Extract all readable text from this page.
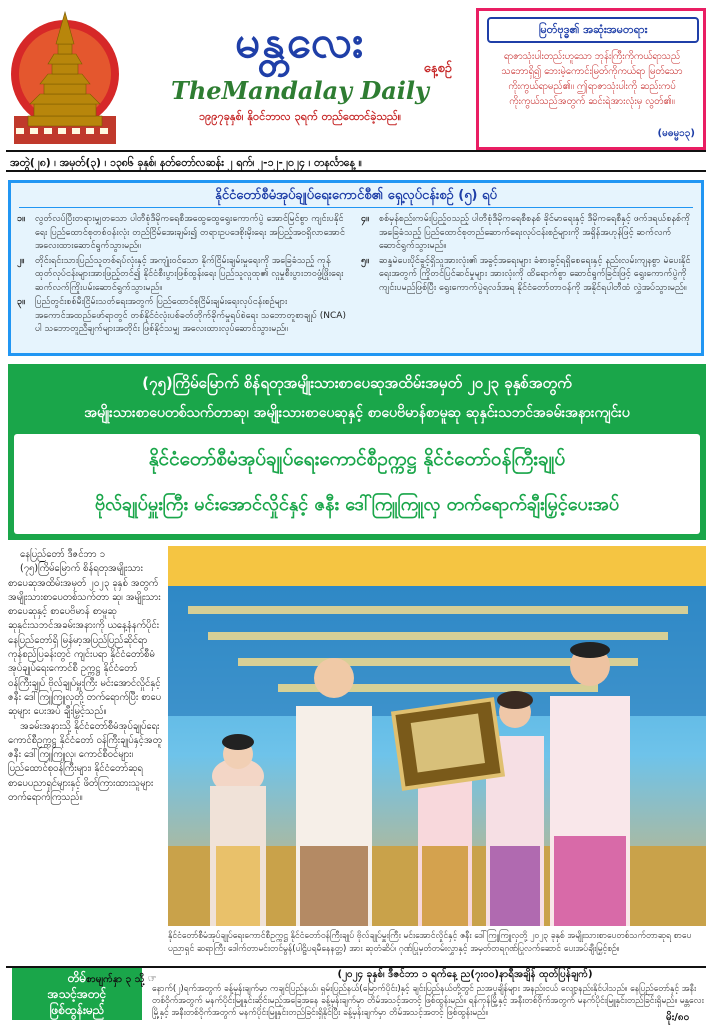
မန္တလေး
နေ့စဉ်
TheMandalay Daily
၁၉၉၇ခုနှစ်၊ နိုဝင်ဘာလ ၃ရက် တည်ထောင်ခဲ့သည်။
မြတ်ဗုဒ္ဓ၏ အဆုံးအမတရား
ရာဇာသုံးပါးတည်းဟူသော ဘုန်းကြီးကိုကယ်ရာသည် သဘောရှိ၍ ဘေးမဲ့ကောင်းမြတ်ကိုကယ်ရာ မြတ်သော ကိုးကွယ်ရာမည်၏။ ဤရာဇာသုံးပါးကို ဆည်းကပ် ကိုးကွယ်သည်အတွက် ဆင်းရဲအားလုံးမှ လွတ်၏။
(မဓမ္မ၁၃)
အတွဲ(၂၈) ၊ အမှတ်(၃) ၊ ၁၃၈၆ ခုနှစ်၊ နတ်တော်လဆန်း ၂ ရက်၊ ၂-၁၂-၂၀၂၄ ၊ တနင်္လာနေ့ ။
နိုင်ငံတော်စီမံအုပ်ချုပ်ရေးကောင်စီ၏ ရှေ့လုပ်ငန်းစဉ် (၅) ရပ်
၁။	လွတ်လပ်ပြီးတရားမျှတသော ပါတီစုံဒီမိုကရေစီအထွေထွေရွေးကောက်ပွဲ အောင်မြင်စွာ ကျင်းပနိုင်ရေး ပြည်ထောင်စုတစ်ဝန်းလုံး တည်ငြိမ်အေးချမ်း၍ တရားဥပဒေစိုးမိုးရေး အပြည့်အဝရှိလာအောင် အလေးထားဆောင်ရွက်သွားမည်။
၂။	တိုင်းရင်းသားပြည်သူတစ်ရပ်လုံးနှင့် အကျုံးဝင်သော နိုက်ငြိမ်းချမ်းမှုရေးကို အခြေခံသည့် ကုန်ထုတ်လုပ်ငန်းများအားဖြည့်တင်၍ နိုင်ငံစီးပွားဖြစ်ထွန်းရေး ပြည်သူလူထု၏ လူမှုစီးပွားဘဝဖွံ့ဖြိုးရေး ဆက်လက်ကြိုးပမ်းဆောင်ရွက်သွားမည်။
၃။	ပြည်တွင်းစစ်မီးငြိမ်းသတ်ရေးအတွက် ပြည်ထောင်စုငြိမ်းချမ်းရေးလုပ်ငန်းစဉ်များ အကောင်အထည်ဖော်ရာတွင် တစ်နိုင်ငံလုံးပစ်ခတ်တိုက်ခိုက်မှုရပ်စဲရေး သဘောတူစာချုပ် (NCA) ပါ သဘောတူညီချက်များအတိုင်း ဖြစ်နိုင်သမျှ အလေးထားလုပ်ဆောင်သွားမည်။
၄။	စစ်မှန်စည်းကမ်းပြည့်ဝသည့် ပါတီစုံဒီမိုကရေစီစနစ် ခိုင်မာရေးနှင့် ဒီမိုကရေစီနှင့် ဖက်ဒရယ်စနစ်ကိုအခြေခံသည့် ပြည်ထောင်စုတည်ဆောက်ရေးလုပ်ငန်းစဉ်များကို အရှိန်အဟုန်ဖြင့် ဆက်လက်ဆောင်ရွက်သွားမည်။
၅။	ဆန္ဒမဲပေးပိုင်ခွင့်ရှိသူအားလုံး၏ အခွင့်အရေးများ ခံစားခွင့်ရရှိစေရေးနှင့် နည်းလမ်းကျနစွာ မဲပေးနိုင်ရေးအတွက် ကြိုတင်ပြင်ဆင်မှုများ အားလုံးကို ထိရောက်စွာ ဆောင်ရွက်ခြင်းဖြင့် ရွေးကောက်ပွဲကို ကျင်းပမည်ဖြစ်ပြီး ရွေးကောက်ပွဲရလဒ်အရ နိုင်ငံတော်တာဝန်ကို အနိုင်ရပါတီထံ လွှဲအပ်သွားမည်။
(၇၅)ကြိမ်မြောက် စိန်ရတုအမျိုးသားစာပေဆုအထိမ်းအမှတ် ၂၀၂၃ ခုနှစ်အတွက်
အမျိုးသားစာပေတစ်သက်တာဆု၊ အမျိုးသားစာပေဆုနှင့် စာပေဗိမာန်စာမူဆု ဆုနှင်းသဘင်အခမ်းအနားကျင်းပ
နိုင်ငံတော်စီမံအုပ်ချုပ်ရေးကောင်စီဥက္ကဋ္ဌ နိုင်ငံတော်ဝန်ကြီးချုပ်
ဗိုလ်ချုပ်မှူးကြီး မင်းအောင်လှိုင်နှင့် ဇနီး ဒေါ်ကြူကြူလှ တက်ရောက်ချီးမြှင့်ပေးအပ်

နေပြည်တော် ဒီဇင်ဘာ ၁

(၇၅)ကြိမ်မြောက် စိန်ရတုအမျိုးသား စာပေဆုအထိမ်းအမှတ် ၂၀၂၃ ခုနှစ် အတွက် အမျိုးသားစာပေတစ်သက်တာ ဆု၊ အမျိုးသားစာပေဆုနှင့် စာပေဗိမာန် စာမူဆု ဆုနှင်းသဘင်အခမ်းအနားကို ယနေ့နံနက်ပိုင်း နေပြည်တော်ရှိ မြန်မာ့အပြည်ပြည်ဆိုင်ရာ ကုန်စည်ပြခန်းတွင် ကျင်းပရာ နိုင်ငံတော်စီမံအုပ်ချုပ်ရေးကောင်စီ ဥက္ကဋ္ဌ နိုင်ငံတော်ဝန်ကြီးချုပ် ဗိုလ်ချုပ်မှူးကြီး မင်းအောင်လှိုင်နှင့် ဇနီး ဒေါ်ကြူကြူလှတို့ တက်ရောက်ပြီး စာပေဆုများ ပေးအပ် ချီးမြှင့်သည်။

အခမ်းအနားသို့ နိုင်ငံတော်စီမံအုပ်ချုပ်ရေးကောင်စီဥက္ကဋ္ဌ နိုင်ငံတော် ဝန်ကြီးချုပ်နှင့်အတူ ဇနီး ဒေါ်ကြူကြူလှ၊ ကောင်စီဝင်များ၊ ပြည်ထောင်စုဝန်ကြီးများ၊ နိုင်ငံတော်ဆုရ စာပေပညာရှင်များနှင့် ဖိတ်ကြားထားသူများ တက်ရောက်ကြသည်။

နိုင်ငံတော်စီမံအုပ်ချုပ်ရေးကောင်စီဥက္ကဋ္ဌ နိုင်ငံတော်ဝန်ကြီးချုပ် ဗိုလ်ချုပ်မှူးကြီး မင်းအောင်လှိုင်နှင့် ဇနီး ဒေါ်ကြူကြူလှတို့ ၂၀၂၃ ခုနှစ် အမျိုးသားစာပေတစ်သက်တာဆုရ စာပေပညာရှင် ဆရာကြီး ဒေါက်တာမင်းတင်မွန်(ပါဠိပရမီနေနတ္တ) အား ဆုတံဆိပ်၊ ဂုဏ်ပြုမှတ်တမ်းလွှာနှင့် အမှတ်တရဂုဏ်ပြုလက်ဆောင် ပေးအပ်ချီးမြှင့်စဉ်။
တိမ်
အသင့်အတင့်
ဖြစ်ထွန်းမည်
စာမျက်နှာ ၃ သို့ ☞	(၂၀၂၄ ခုနှစ်၊ ဒီဇင်ဘာ ၁ ရက်နေ့ ည(၇း၀၀)နာရီအချိန် ထုတ်ပြန်ချက်)
နောက်(၂)ရက်အတွက် ခန့်မှန်းချက်မှာ ကချင်ပြည်နယ်၊ ရှမ်းပြည်နယ်(မြောက်ပိုင်း)နှင့် ချင်းပြည်နယ်တို့တွင် ညအပူချိန်များ အနည်းငယ် လျော့နည်းနိုင်ပါသည်။ နေပြည်တော်နှင့် အနီးတစ်ဝိုက်အတွက် မနက်ပိုင်းမြူနှင်းဆိုင်းမည့်အခြေအနေ ခန့်မှန်းချက်မှာ တိမ်အသင့်အတင့် ဖြစ်ထွန်းမည်။ ရန်ကုန်မြို့နှင့် အနီးတစ်ဝိုက်အတွက် မနက်ပိုင်းမြူနှင်းတည်ခြင်းရှိမည်။ မန္တလေးမြို့နှင့် အနီးတစ်ဝိုက်အတွက် မနက်ပိုင်းမြူနှင်းတည်ခြင်းရှိနိုင်ပြီး ခန့်မှန်းချက်မှာ တိမ်အသင့်အတင့် ဖြစ်ထွန်းမည်။	မိုး/၈၀
